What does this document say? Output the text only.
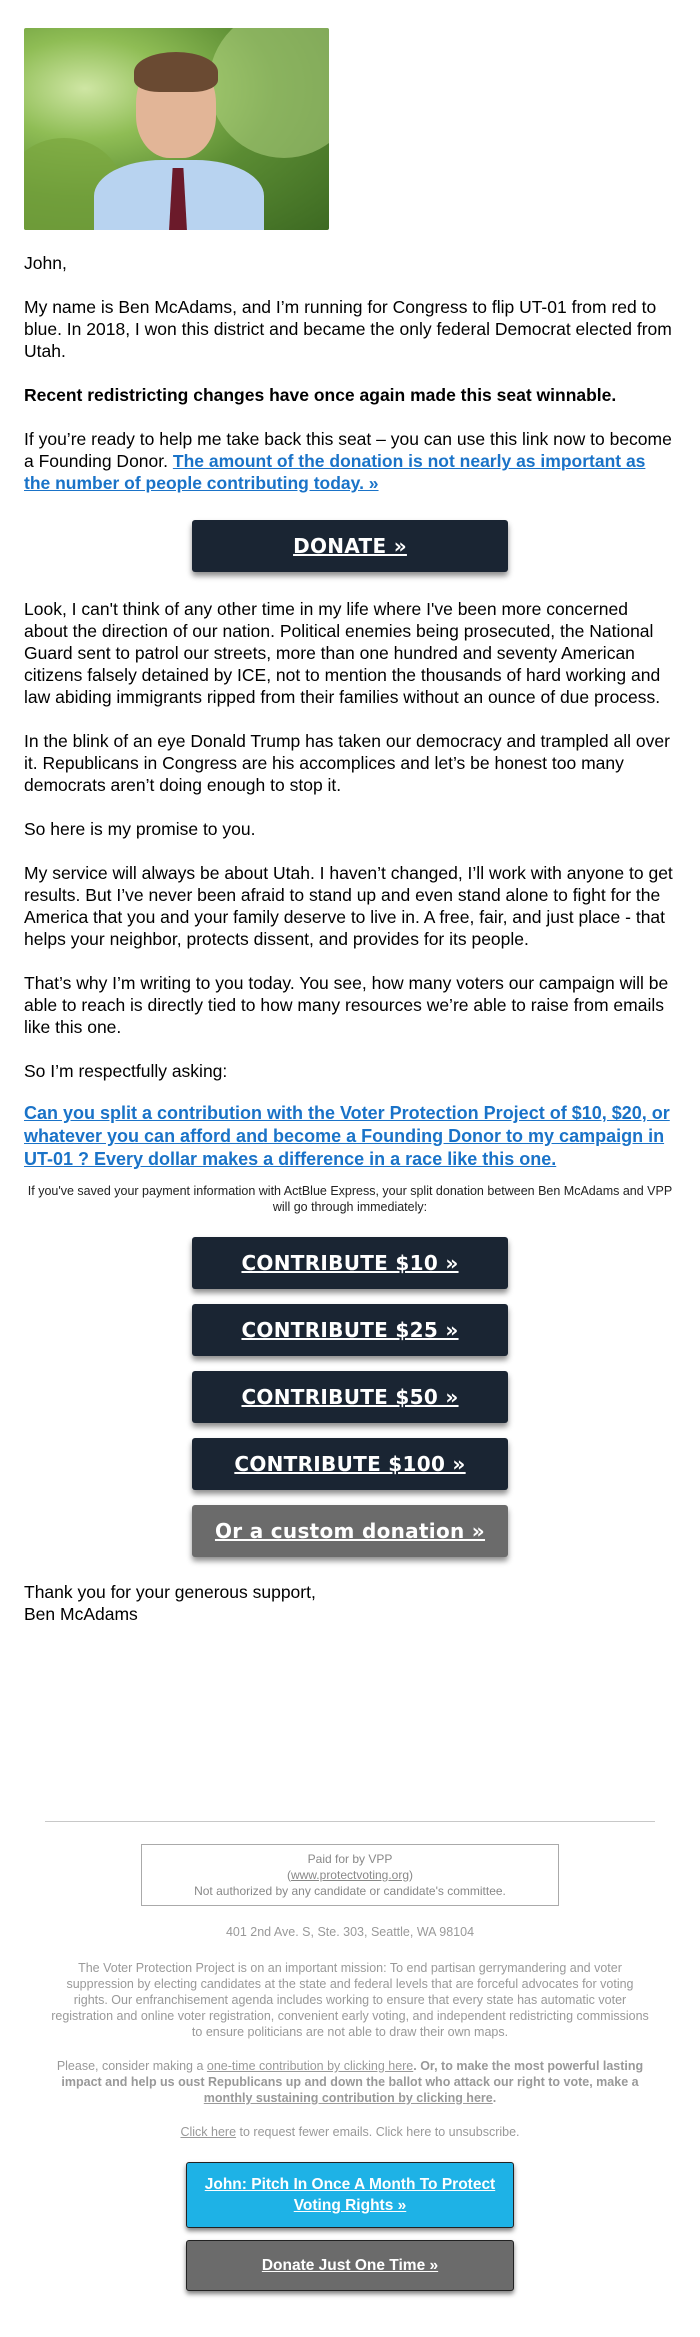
John,

My name is Ben McAdams, and I’m running for Congress to flip UT-01 from red to blue. In 2018, I won this district and became the only federal Democrat elected from Utah.

Recent redistricting changes have once again made this seat winnable.

If you’re ready to help me take back this seat – you can use this link now to become a Founding Donor. The amount of the donation is not nearly as important as the number of people contributing today. »

DONATE »

Look, I can't think of any other time in my life where I've been more concerned about the direction of our nation. Political enemies being prosecuted, the National Guard sent to patrol our streets, more than one hundred and seventy American citizens falsely detained by ICE, not to mention the thousands of hard working and law abiding immigrants ripped from their families without an ounce of due process.

In the blink of an eye Donald Trump has taken our democracy and trampled all over it. Republicans in Congress are his accomplices and let’s be honest too many democrats aren’t doing enough to stop it.

So here is my promise to you.

My service will always be about Utah. I haven’t changed, I’ll work with anyone to get results. But I’ve never been afraid to stand up and even stand alone to fight for the America that you and your family deserve to live in. A free, fair, and just place - that helps your neighbor, protects dissent, and provides for its people.

That’s why I’m writing to you today. You see, how many voters our campaign will be able to reach is directly tied to how many resources we’re able to raise from emails like this one.

So I’m respectfully asking:

Can you split a contribution with the Voter Protection Project of $10, $20, or whatever you can afford and become a Founding Donor to my campaign in UT-01 ? Every dollar makes a difference in a race like this one.

If you've saved your payment information with ActBlue Express, your split donation between Ben McAdams and VPP will go through immediately:

CONTRIBUTE $10 »
CONTRIBUTE $25 »
CONTRIBUTE $50 »
CONTRIBUTE $100 »
Or a custom donation »

Thank you for your generous support,

Ben McAdams

Paid for by VPP
(www.protectvoting.org)
Not authorized by any candidate or candidate's committee.

401 2nd Ave. S, Ste. 303, Seattle, WA 98104

The Voter Protection Project is on an important mission: To end partisan gerrymandering and voter suppression by electing candidates at the state and federal levels that are forceful advocates for voting rights. Our enfranchisement agenda includes working to ensure that every state has automatic voter registration and online voter registration, convenient early voting, and independent redistricting commissions to ensure politicians are not able to draw their own maps.

Please, consider making a one-time contribution by clicking here. Or, to make the most powerful lasting impact and help us oust Republicans up and down the ballot who attack our right to vote, make a monthly sustaining contribution by clicking here.

Click here to request fewer emails. Click here to unsubscribe.

John: Pitch In Once A Month To Protect Voting Rights »
Donate Just One Time »
